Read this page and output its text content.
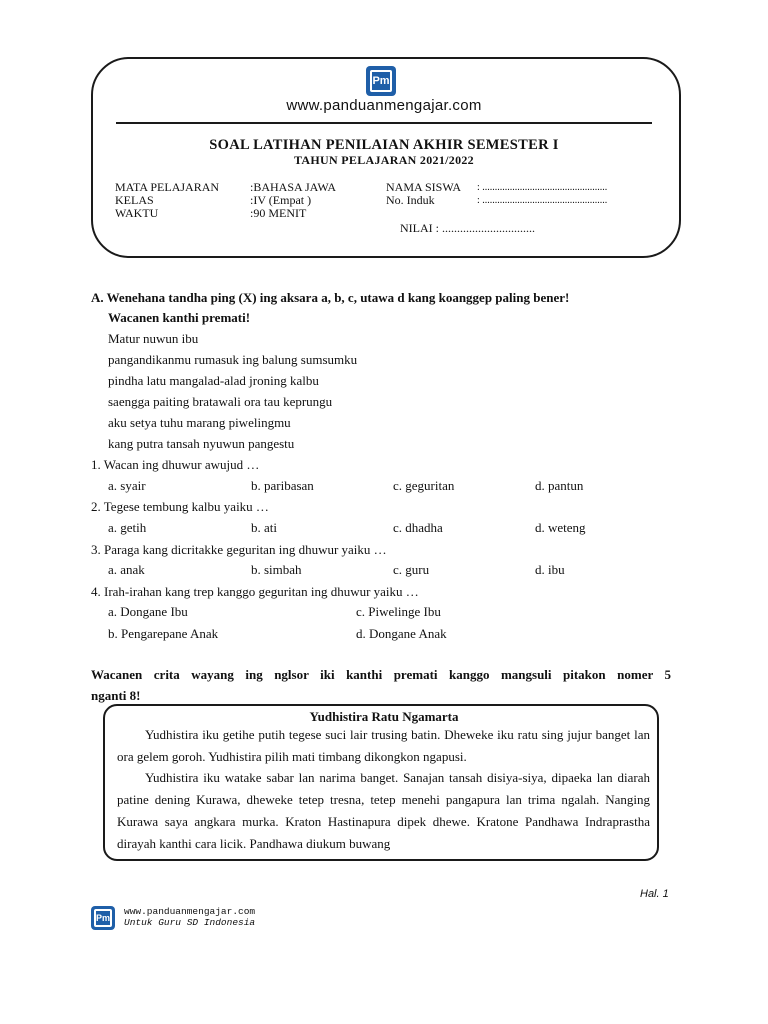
Pm
www.panduanmengajar.com
SOAL LATIHAN PENILAIAN AKHIR SEMESTER I
TAHUN PELAJARAN 2021/2022
MATA PELAJARAN	:BAHASA JAWA
KELAS	:IV (Empat )
WAKTU	:90 MENIT
NAMA SISWA : ..................................................
No. Induk	: ..................................................
NILAI : ...............................
A. Wenehana tandha ping (X) ing aksara a, b, c, utawa d kang koanggep paling bener!
Wacanen kanthi premati!
Matur nuwun ibu
pangandikanmu rumasuk ing balung sumsumku
pindha latu mangalad-alad jroning kalbu
saengga paiting bratawali ora tau keprungu
aku setya tuhu marang piwelingmu
kang putra tansah nyuwun pangestu
1. Wacan ing dhuwur awujud …
a. syair	b. paribasan	c. geguritan	d. pantun
2. Tegese tembung kalbu yaiku …
a. getih	b. ati	c. dhadha	d. weteng
3. Paraga kang dicritakke geguritan ing dhuwur yaiku …
a. anak	b. simbah	c. guru	d. ibu
4. Irah-irahan kang trep kanggo geguritan ing dhuwur yaiku …
a. Dongane Ibu	c. Piwelinge Ibu
b. Pengarepane Anak	d. Dongane Anak
Wacanen crita wayang ing nglsor iki kanthi premati kanggo mangsuli pitakon nomer 5
nganti 8!
Yudhistira Ratu Ngamarta

Yudhistira iku getihe putih tegese suci lair trusing batin. Dheweke iku ratu sing jujur banget lan ora gelem goroh. Yudhistira pilih mati timbang dikongkon ngapusi.

Yudhistira iku watake sabar lan narima banget. Sanajan tansah disiya-siya, dipaeka lan diarah patine dening Kurawa, dheweke tetep tresna, tetep menehi pangapura lan trima ngalah. Nanging Kurawa saya angkara murka. Kraton Hastinapura dipek dhewe. Kratone Pandhawa Indraprastha dirayah kanthi cara licik. Pandhawa diukum buwang

Hal. 1
Pm
www.panduanmengajar.com
Untuk Guru SD Indonesia
